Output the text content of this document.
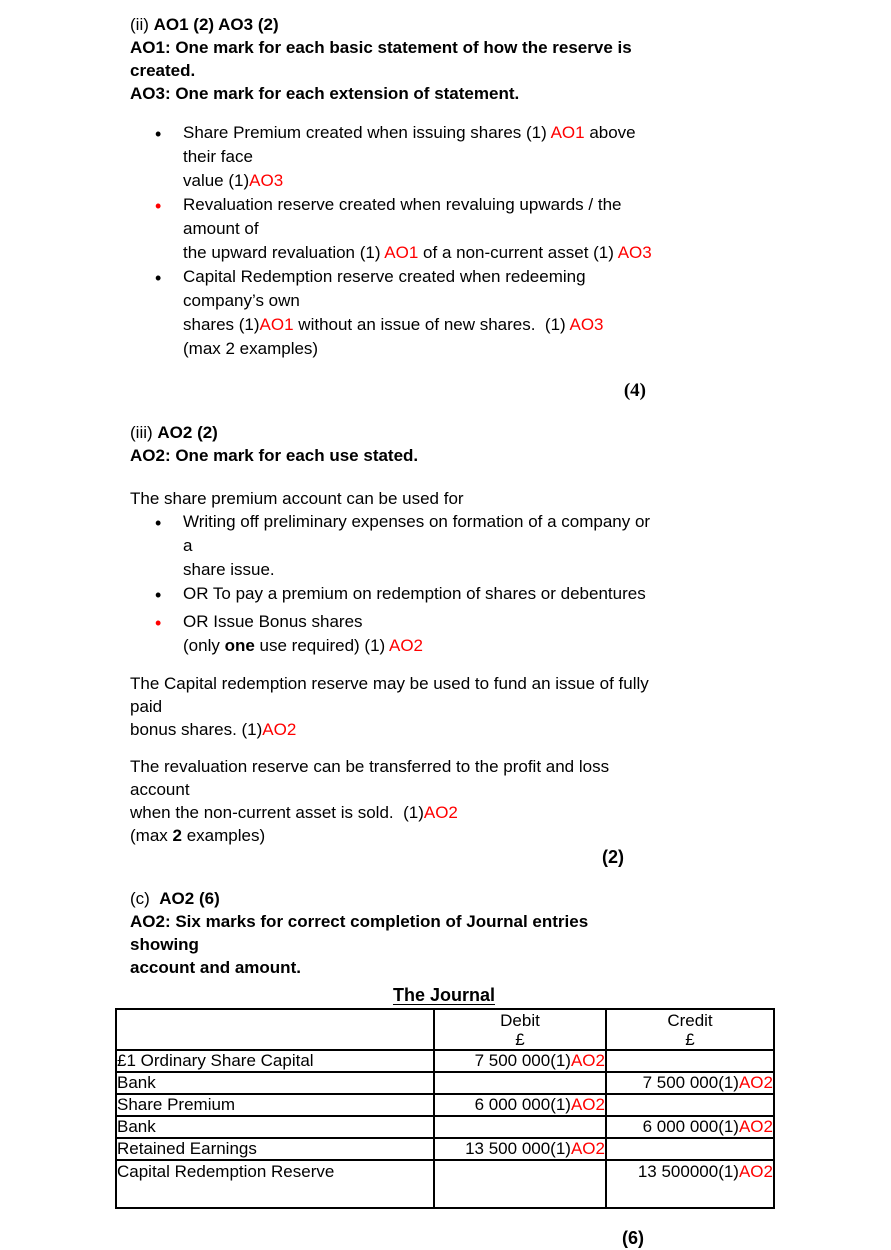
(ii) AO1 (2) AO3 (2)
AO1: One mark for each basic statement of how the reserve is created.
AO3: One mark for each extension of statement.
• Share Premium created when issuing shares (1) AO1 above their face
value (1)AO3
• Revaluation reserve created when revaluing upwards / the amount of
the upward revaluation (1) AO1 of a non-current asset (1) AO3
• Capital Redemption reserve created when redeeming company’s own
shares (1)AO1 without an issue of new shares.  (1) AO3
(max 2 examples)
(4)
(iii) AO2 (2)
AO2: One mark for each use stated.
The share premium account can be used for
• Writing off preliminary expenses on formation of a company or a
share issue.
• OR To pay a premium on redemption of shares or debentures
• OR Issue Bonus shares
(only one use required) (1) AO2
The Capital redemption reserve may be used to fund an issue of fully paid
bonus shares. (1)AO2
The revaluation reserve can be transferred to the profit and loss account
when the non-current asset is sold.  (1)AO2
(max 2 examples)
(2)
(c)  AO2 (6)
AO2: Six marks for correct completion of Journal entries showing
account and amount.
The Journal

Debit
£

Credit
£

£1 Ordinary Share Capital	7 500 000(1)AO2	
Bank		7 500 000(1)AO2
Share Premium	6 000 000(1)AO2	
Bank		6 000 000(1)AO2
Retained Earnings	13 500 000(1)AO2	
Capital Redemption Reserve		13 500000(1)AO2
(6)
